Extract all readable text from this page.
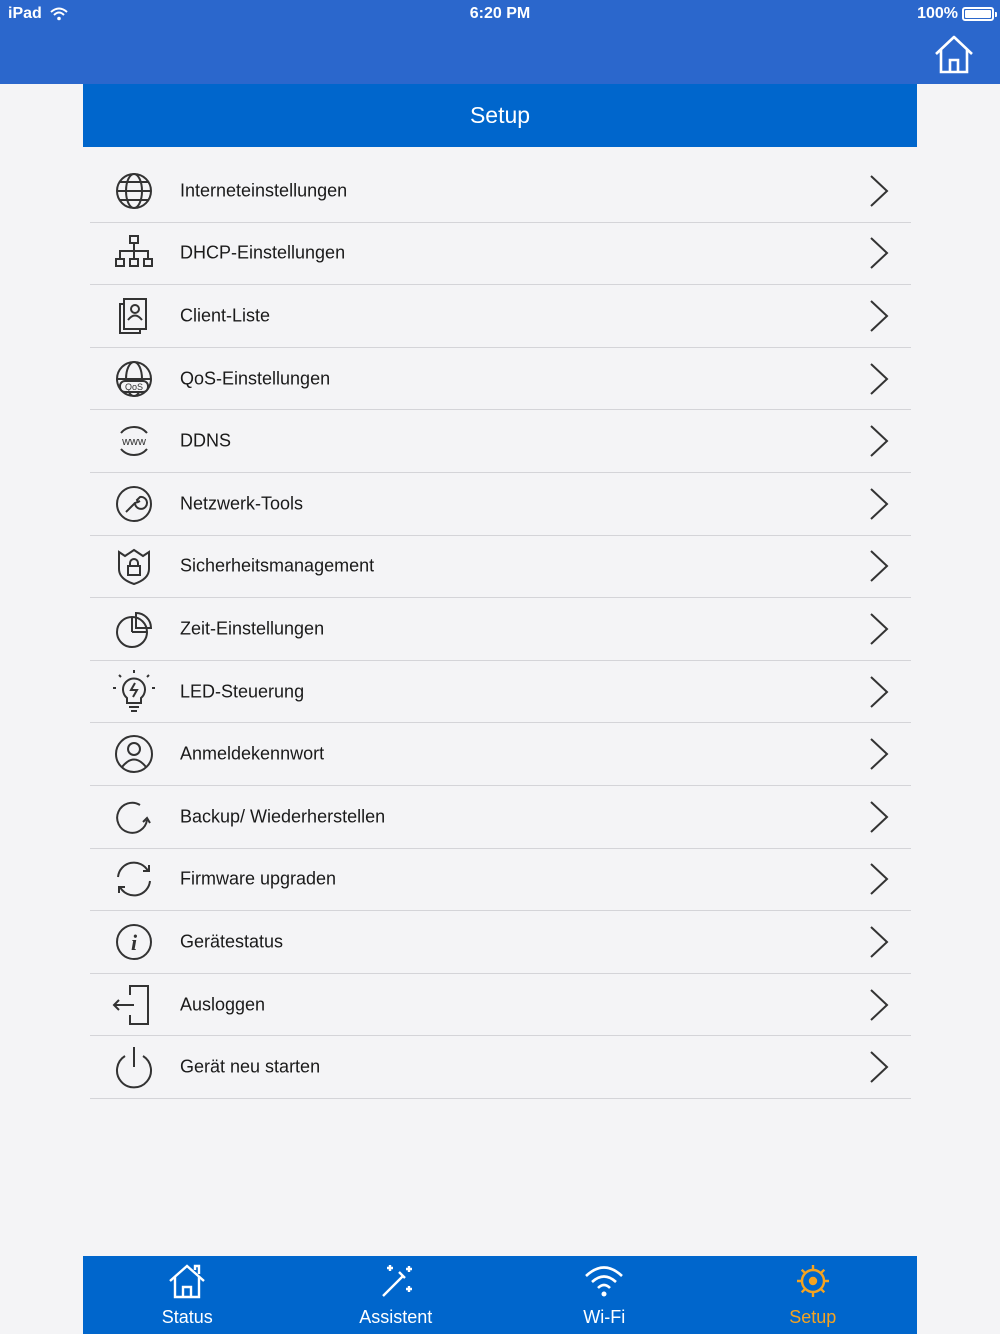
iPad	6:20 PM	100%
Setup
Interneteinstellungen
DHCP-Einstellungen
Client-Liste
QoS QoS-Einstellungen
www DDNS
Netzwerk-Tools
Sicherheitsmanagement
Zeit-Einstellungen
LED-Steuerung
Anmeldekennwort
Backup/ Wiederherstellen
Firmware upgraden
i Gerätestatus
Ausloggen
Gerät neu starten
Status	Assistent	Wi-Fi	Setup
